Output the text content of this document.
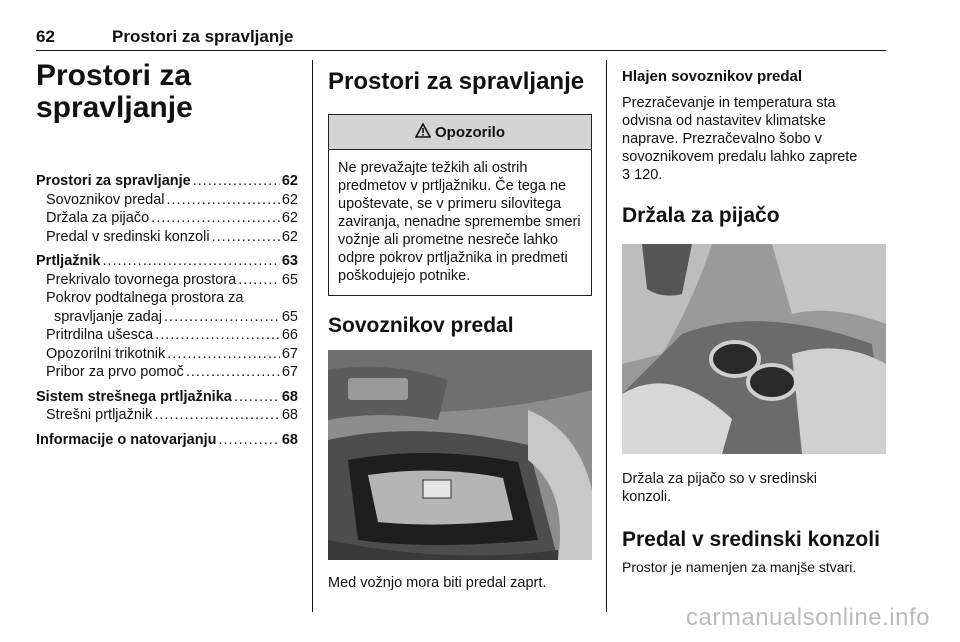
62	Prostori za spravljanje
Prostori za
spravljanje
Prostori za spravljanje .....	62
Sovoznikov predal .....	62
Držala za pijačo .....	62
Predal v sredinski konzoli .....	62
Prtljažnik .....	63
Prekrivalo tovornega prostora .....	65
Pokrov podtalnega prostora za
spravljanje zadaj .....	65
Pritrdilna ušesca .....	66
Opozorilni trikotnik .....	67
Pribor za prvo pomoč .....	67
Sistem strešnega prtljažnika .....	68
Strešni prtljažnik .....	68
Informacije o natovarjanju .....	68
Prostori za spravljanje
Opozorilo

Ne prevažajte težkih ali ostrih predmetov v prtljažniku. Če tega ne upoštevate, se v primeru silovitega zaviranja, nenadne spremembe smeri vožnje ali prometne nesreče lahko odpre pokrov prtljažnika in predmeti poškodujejo potnike.

Sovoznikov predal

Med vožnjo mora biti predal zaprt.

Hlajen sovoznikov predal

Prezračevanje in temperatura sta odvisna od nastavitev klimatske naprave. Prezračevalno šobo v sovoznikovem predalu lahko zaprete
3 120.

Držala za pijačo

Držala za pijačo so v sredinski konzoli.

Predal v sredinski konzoli

Prostor je namenjen za manjše stvari.

carmanualsonline.info
